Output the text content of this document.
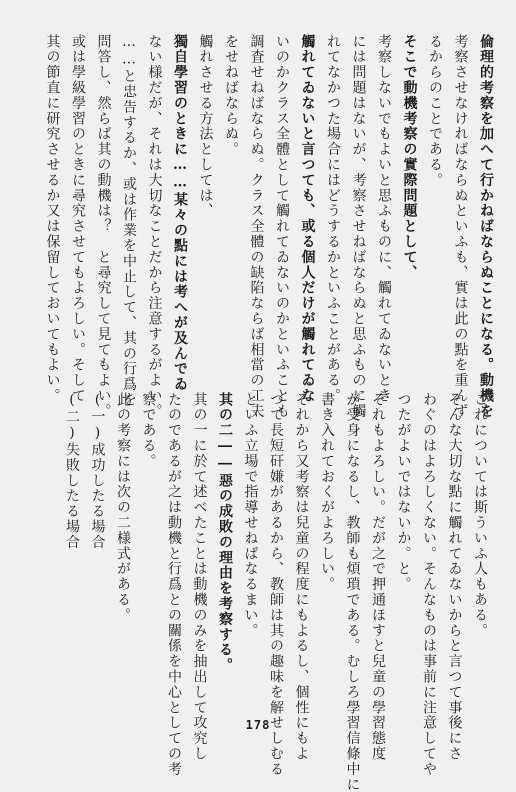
倫理的考察を加へて行かねばならぬことになる。動機を
考察させなければならぬといふも、實は此の點を重んず
るからのことである。
そこで動機考察の實際問題として、
考察しないでもよいと思ふものに、觸れてゐないとき
には問題はないが、考察させねばならぬと思ふものに觸
れてなかつた場合にはどうするかといふことがある。
觸れてゐないと言つても、或る個人だけが觸れてゐな
いのかクラス全體として觸れてゐないのかといふことも
調査せねばならぬ。クラス全體の缺陷ならば相當の工夫
をせねばならぬ。
觸れさせる方法としては、
獨自學習のときに……某々の點には考へが及んでゐ
ない様だが、それは大切なことだから注意するがよい。
……と忠告するか、或は作業を中止して、其の行爲を
問答し、然らば其の動機は？　と尋究して見てもよい。
或は學級學習のときに尋究させてもよろしい。そして
其の節直に研究させるか又は保留しておいてもよい。
これについては斯ういふ人もある。
そんな大切な點に觸れてゐないからと言つて事後にさ
わぐのはよろしくない。そんなものは事前に注意してや
つたがよいではないか。と。
それもよろしい。だが之で押通ほすと兒童の學習態度
が受身になるし、教師も煩瑣である。むしろ學習信條中に
書き入れておくがよろしい。
それから又考察は兒童の程度にもよるし、個性にもよ
つて長短矸嫌があるから、教師は其の趣味を解せしむる
といふ立場で指導せねばなるまい。
其の二――惡の成敗の理由を考察する。
其の一に於て述べたことは動機のみを抽出して攻究し
たのであるが之は動機と行爲との關係を中心としての考
察である。
此の考察には次の二様式がある。
(一)成功したる場合
(二)失敗したる場合
178
